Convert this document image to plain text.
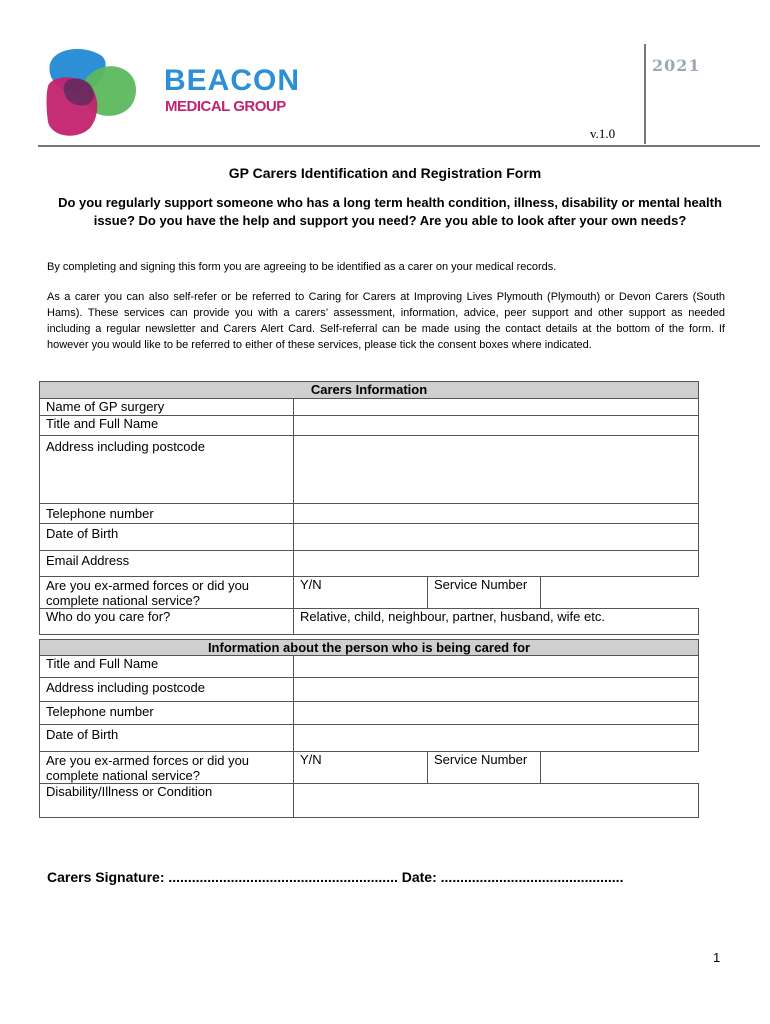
BEACON
MEDICAL GROUP
2021
v.1.0
GP Carers Identification and Registration Form
Do you regularly support someone who has a long term health condition, illness, disability or mental health issue? Do you have the help and support you need? Are you able to look after your own needs?
By completing and signing this form you are agreeing to be identified as a carer on your medical records.
As a carer you can also self-refer or be referred to Caring for Carers at Improving Lives Plymouth (Plymouth) or Devon Carers (South Hams). These services can provide you with a carers’ assessment, information, advice, peer support and other support as needed including a regular newsletter and Carers Alert Card. Self-referral can be made using the contact details at the bottom of the form. If however you would like to be referred to either of these services, please tick the consent boxes where indicated.
Carers Information			
Name of GP surgery			
Title and Full Name			
Address including postcode			
Telephone number			
Date of Birth			
Email Address			
Are you ex-armed forces or did you complete national service?	Y/N	Service Number	
Who do you care for?	Relative, child, neighbour, partner, husband, wife etc.		
Information about the person who is being cared for			
Title and Full Name			
Address including postcode			
Telephone number			
Date of Birth			
Are you ex-armed forces or did you complete national service?	Y/N	Service Number	
Disability/Illness or Condition			
Carers Signature: ........................................................... Date: ...............................................
1
